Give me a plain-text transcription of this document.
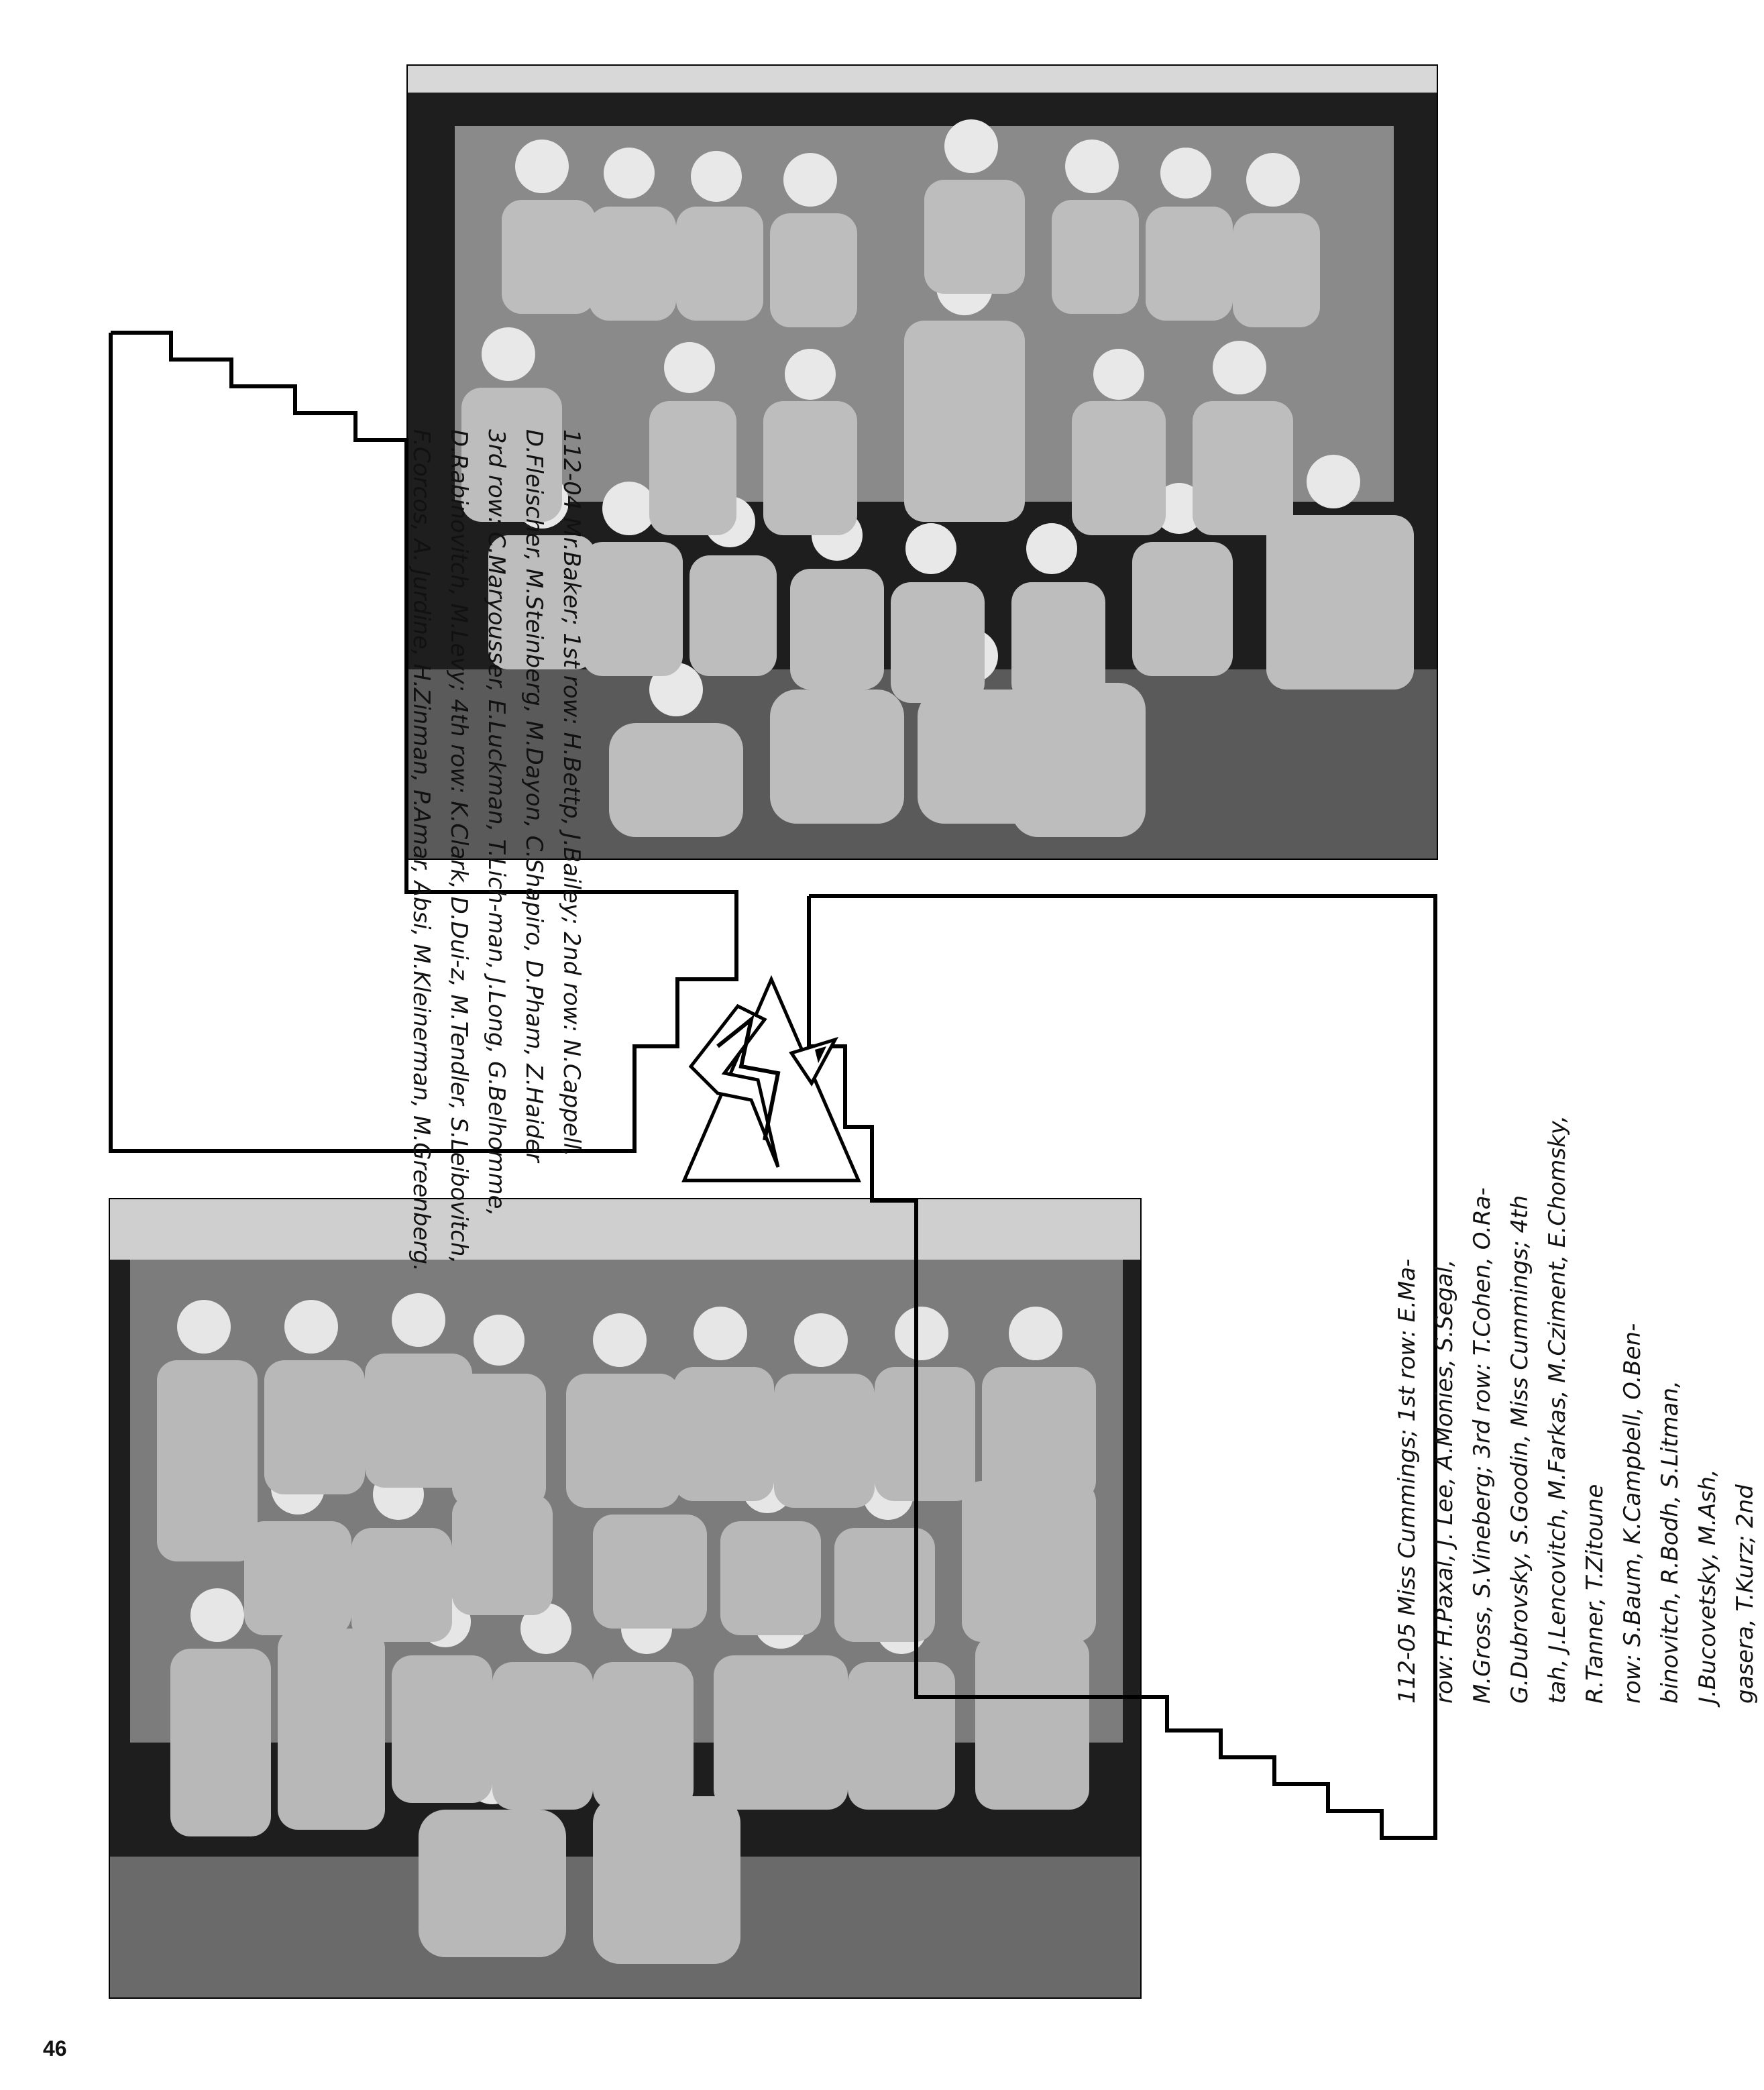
112-04 Mr.Baker; 1st row: H.Bettp, J.Bailey; 2nd row: N.Cappell,

D.Fleischer, M.Steinberg, M.Dayon, C.Shapiro, D.Pham, Z.Haider

3rd row: C.Maryousser, E.Luckman, T.Lich-man, J.Long, G.Belhomme,

D.Rabinovitch, M.Levy; 4th row: K.Clark, D.Dui-z, M.Tendler, S.Leibovitch,

F.Corcos, A. Jurdine, H.Zinman, P.Amar, Absi, M.Kleinerman, M.Greenberg.

112-05 Miss Cummings; 1st row: E.Ma- row: H.Paxal, J. Lee, A.Monies, S.Segal, M.Gross, S.Vineberg; 3rd row: T.Cohen, O.Ra- G.Dubrovsky, S.Goodin, Miss Cummings; 4th tah, J.Lencovitch, M.Farkas, M.Cziment, E.Chomsky, R.Tanner, T.Zitoune row: S.Baum, K.Campbell, O.Ben- binovitch, R.Bodh, S.Litman, J.Bucovetsky, M.Ash, gasera, T.Kurz; 2nd

46
